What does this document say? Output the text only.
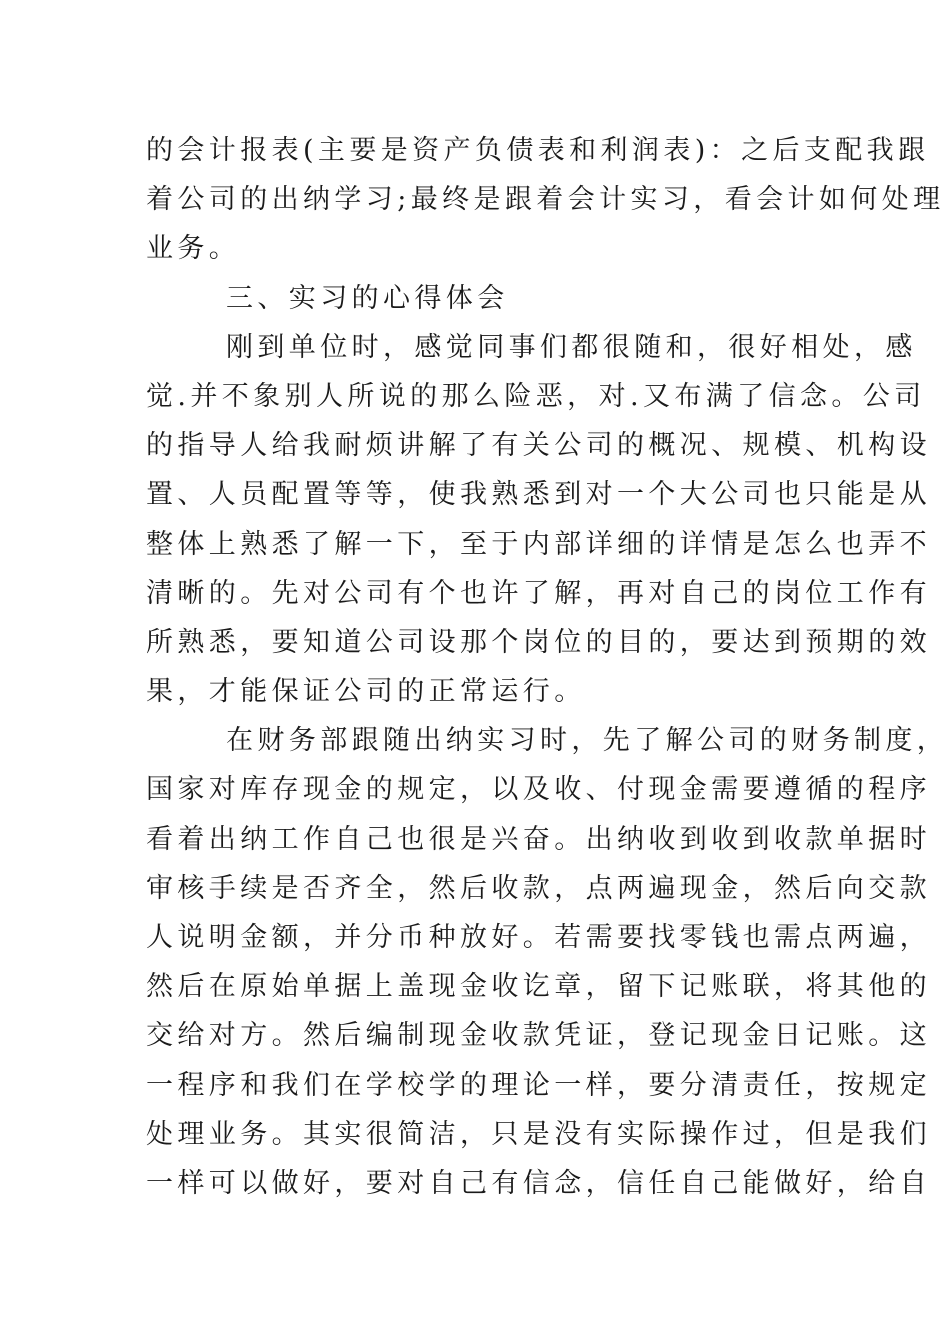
的会计报表(主要是资产负债表和利润表)：之后支配我跟
着公司的出纳学习;最终是跟着会计实习，看会计如何处理
业务。
三、实习的心得体会
刚到单位时，感觉同事们都很随和，很好相处，感
觉.并不象别人所说的那么险恶，对.又布满了信念。公司
的指导人给我耐烦讲解了有关公司的概况、规模、机构设
置、人员配置等等，使我熟悉到对一个大公司也只能是从
整体上熟悉了解一下，至于内部详细的详情是怎么也弄不
清晰的。先对公司有个也许了解，再对自己的岗位工作有
所熟悉，要知道公司设那个岗位的目的，要达到预期的效
果，才能保证公司的正常运行。
在财务部跟随出纳实习时，先了解公司的财务制度，
国家对库存现金的规定，以及收、付现金需要遵循的程序
看着出纳工作自己也很是兴奋。出纳收到收到收款单据时
审核手续是否齐全，然后收款，点两遍现金，然后向交款
人说明金额，并分币种放好。若需要找零钱也需点两遍，
然后在原始单据上盖现金收讫章，留下记账联，将其他的
交给对方。然后编制现金收款凭证，登记现金日记账。这
一程序和我们在学校学的理论一样，要分清责任，按规定
处理业务。其实很简洁，只是没有实际操作过，但是我们
一样可以做好，要对自己有信念，信任自己能做好，给自
